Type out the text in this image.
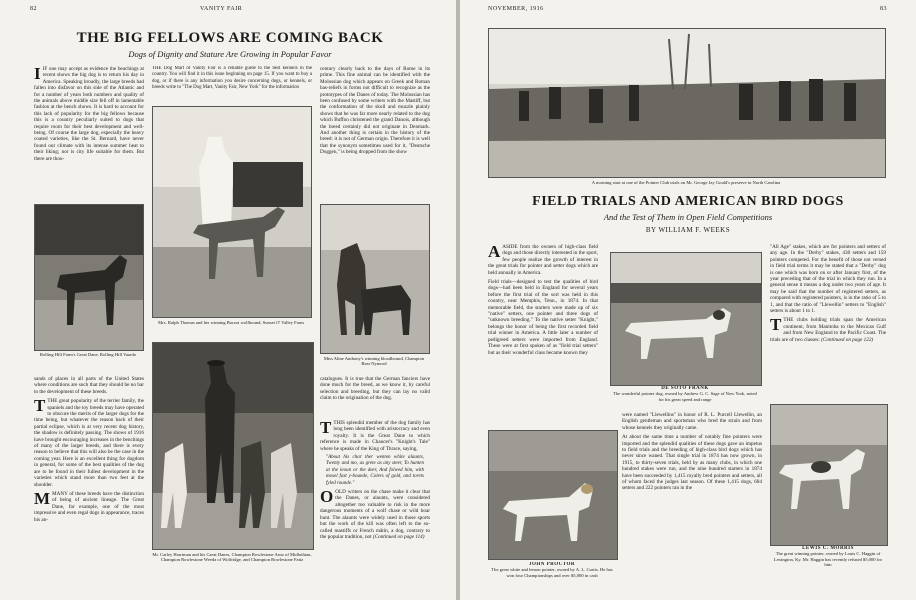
82	VANITY FAIR
THE BIG FELLOWS ARE COMING BACK

Dogs of Dignity and Stature Are Growing in Popular Favor

IIF one may accept as evidence the beachings at recent shows the big dog is to return his day in America. Speaking broadly, the large breeds had fallen into disfavor on this side of the Atlantic and for a number of years both numbers and quality of the animals above middle size fell off in lamentable fashion at the bench shows. It is hard to account for this lack of popularity for the big fellows because this is a country peculiarly suited to dogs that require room for their best development and well-being. Of course the large dog, especially the heavy coated varieties, like the St. Bernard, have never found our climate with its intense summer heat to their liking; nor is city life suitable for them. But there are thou-

Rolling Hill Farm's Great Dane, Rolling Hill Vaardo

sands of places in all parts of the United States where conditions are such that they should be no bar to the development of these breeds.

TTHE great popularity of the terrier family, the spaniels and the toy breeds may have operated to obscure the merits of the larger dogs for the time being, but whatever the reason back of their partial eclipse, which is at very recent dog history, the shadow is definitely passing. The shows of 1916 have brought encouraging increases in the benchings of many of the larger breeds, and there is every reason to believe that this will also be the case in the coming year. Here is an excellent thing for dogdom in general, for some of the best qualities of the dog are to be found in their fullest development in the varieties which stand more than two feet at the shoulder.

MMANY of these breeds have the distinction of being of ancient lineage. The Great Dane, for example, one of the most impressive and even regal dogs in appearance, traces his an-

THE Dog Mart of Vanity Fair is a reliable guide to the best kennels in the country. You will find it in this issue beginning on page 15. If you want to buy a dog, or if there is any information you desire concerning dogs, or kennels, or breeds write to "The Dog Mart, Vanity Fair, New York" for the information

Mrs. Ralph Thomas and her winning Borzoi wolfhound, Sunset O' Valley Farm
Mr. Carley Harriman and his Great Danes, Champion Rowlestone Arno of Midlothian, Champion Rowlestone Weeda of Wolfridge, and Champion Rowlestone Fatiz

century clearly back to the days of Rome in its prime. This fine animal can be identified with the Molossian dog which appears on Greek and Roman bas-reliefs in forms not difficult to recognize as the prototypes of the Danes of today. The Molossian has been confused by some writers with the Mastiff, but the conformation of the skull and muzzle plainly shows that he was far more nearly related to the dog which Buffon christened the grand Danois, although the breed certainly did not originate in Denmark. And another thing is certain in the history of the breed: it is not of German origin. Therefore it is well that the synonym sometimes used for it, "Deutsche Doggen," is being dropped from the show

Miss Aline Anthony's winning bloodhound, Champion Rear Nymrod

catalogues. It is true that the German fanciers have done much for the breed, as we know it, by careful selection and breeding, but they can lay no valid claim to the origination of the dog.

TTHIS splendid member of the dog family has long been identified with aristocracy and even royalty. It is the Great Dane to which reference is made in Chaucer's "Knight's Tale" where he speaks of the King of Thrace, saying,

"About his char ther wenten white alaunts, Twenty and mo, as grete as any steer, To hunten at the leoun or the deer, And folwed him, with mosel fast y-bounde, Colers of gold, and torets fyled rounde."

OOLD writers on the chase make it clear that the Danes, or alaunts, were considered altogether too valuable to risk in the more dangerous moments of a wolf chase or wild boar hunt. The alaunts were widely used in those sports but the work of the kill was often left to the so-called mastiffs or French mâtin, a dog, contrary to the popular tradition, not (Continued on page 114)

NOVEMBER, 1916	83
A morning start at one of the Pointer Club trials on Mr. George Jay Gould's preserve in North Carolina
FIELD TRIALS AND AMERICAN BIRD DOGS

And the Test of Them in Open Field Competitions

BY WILLIAM F. WEEKS

AASIDE from the owners of high-class field dogs and those directly interested in the sport, few people realize the growth of interest in the great trials for pointer and setter dogs which are held annually in America.

Field trials—designed to test the qualities of bird dogs—had been held in England for several years before the first trial of the sort was held in this country, near Memphis, Tenn., in 1874. In that memorable field, the starters were made up of six "native" setters, one pointer and three dogs of "unknown breeding." To the native setter "Knight," belongs the honor of being the first recorded field trial winner in America. A little later a number of pedigreed setters were imported from England. These were at first spoken of as "field trial setters" but as their wonderful class became known they

DE SOTO FRANK
The wonderful pointer dog, owned by Andrew G. C. Sage of New York, noted for his great speed and range
JOHN PROCTOR
The great white and lemon pointer, owned by A. L. Curtis. He has won four Championships and over $5,000 in cash

were named "Llewellins" in honor of R. L. Purcell Llewellin, an English gentleman and sportsman who bred the strain and from whose kennels they originally came.

At about the same time a number of notably fine pointers were imported and the splendid qualities of these dogs gave an impetus to field trials and the breeding of high-class bird dogs which has never since waned. That single trial in 1874 has now grown, in 1915, to thirty-seven trials, held by as many clubs, in which one hundred stakes were run, and the nine hundred starters in 1874 have been succeeded by 1,415 royally bred pointers and setters, all of whom faced the judges last season. Of these 1,415 dogs, 604 setters and 222 pointers ran in the

"All Age" stakes, which are for pointers and setters of any age. In the "Derby" stakes, 430 setters and 159 pointers competed. For the benefit of those not versed in field trial terms it may be stated that a "Derby" dog is one which was born on or after January first, of the year preceding that of the trial in which they run. In a general sense it means a dog under two years of age. It may be said that the number of registered setters, as compared with registered pointers, is in the ratio of 5 to 1, and that the ratio of "Llewellin" setters to "English" setters is about 1 to 1.

TTHE clubs holding trials span the American continent, from Manitoba to the Mexican Gulf and from New England to the Pacific Coast. The trials are of two classes: (Continued on page 122)

LEWIS C. MORRIS
The great winning pointer, owned by Louis C. Haggin of Lexington, Ky. Mr. Haggin has recently refused $5,000 for him
